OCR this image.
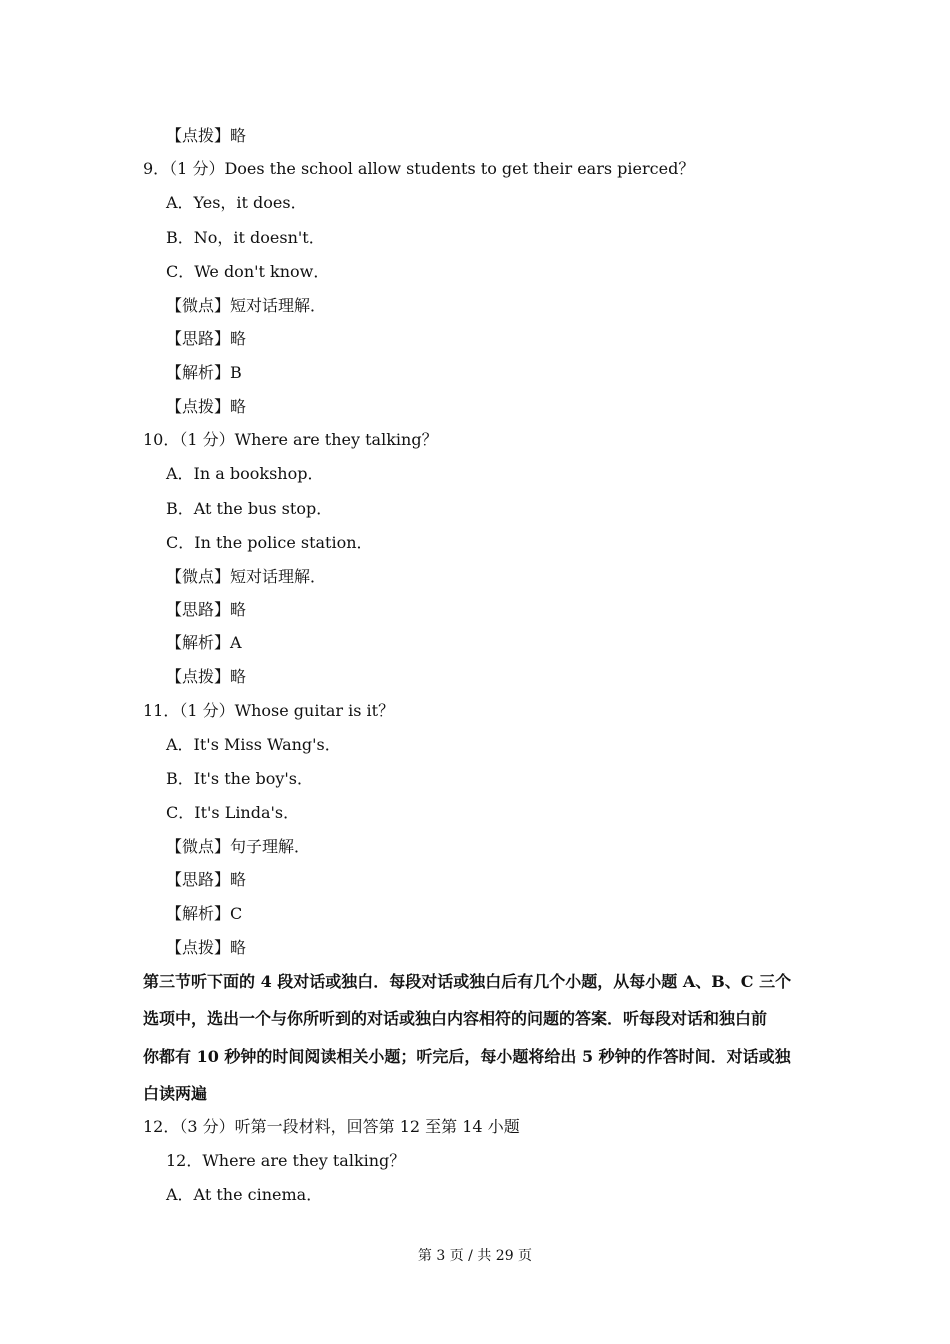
【点拨】略
9．（1 分）Does the school allow students to get their ears pierced？
A．Yes，it does．
B．No，it doesn't．
C．We don't know．
【微点】短对话理解．
【思路】略
【解析】B
【点拨】略
10．（1 分）Where are they talking？
A．In a bookshop．
B．At the bus stop．
C．In the police station．
【微点】短对话理解．
【思路】略
【解析】A
【点拨】略
11．（1 分）Whose guitar is it？
A．It's Miss Wang's．
B．It's the boy's．
C．It's Linda's．
【微点】句子理解．
【思路】略
【解析】C
【点拨】略
第三节听下面的 4 段对话或独白．每段对话或独白后有几个小题，从每小题 A、B、C 三个
选项中，选出一个与你所听到的对话或独白内容相符的问题的答案．听每段对话和独白前
你都有 10 秒钟的时间阅读相关小题；听完后，每小题将给出 5 秒钟的作答时间．对话或独
白读两遍
12．（3 分）听第一段材料，回答第 12 至第 14 小题
12．Where are they talking？
A．At the cinema．
第 3 页 / 共 29 页
